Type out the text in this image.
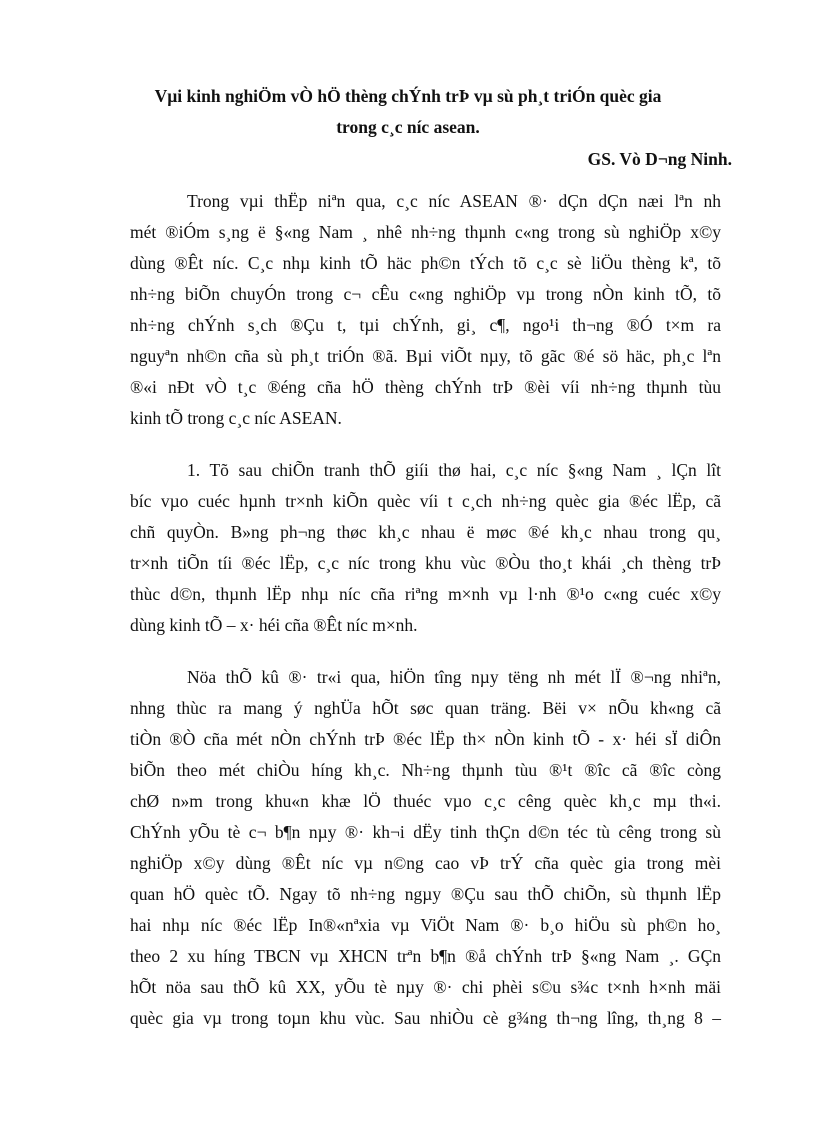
Vµi kinh nghiÖm vÒ hÖ thèng chÝnh trÞ vµ sù ph¸t triÓn quèc gia
trong c¸c níc asean.
GS. Vò D¬ng Ninh.
Trong vµi thËp niªn qua, c¸c níc ASEAN ®· dÇn dÇn næi lªn nh
mét ®iÓm s¸ng ë §«ng Nam ¸ nhê nh÷ng thµnh c«ng trong sù nghiÖp x©y
dùng ®Êt níc. C¸c nhµ kinh tÕ häc ph©n tÝch tõ c¸c sè liÖu thèng kª, tõ
nh÷ng biÕn chuyÓn trong c¬ cÊu c«ng nghiÖp vµ trong nÒn kinh tÕ, tõ
nh÷ng chÝnh s¸ch ®Çu t, tµi chÝnh, gi¸ c¶, ngo¹i th¬ng ®Ó t×m ra
nguyªn nh©n cña sù ph¸t triÓn ®ã. Bµi viÕt nµy, tõ gãc ®é sö häc, ph¸c lªn
®«i nÐt vÒ t¸c ®éng cña hÖ thèng chÝnh trÞ ®èi víi nh÷ng thµnh tùu
kinh tÕ trong c¸c níc ASEAN.
1. Tõ sau chiÕn tranh thÕ giíi thø hai, c¸c níc §«ng Nam ¸ lÇn lît
bíc vµo cuéc hµnh tr×nh kiÕn quèc víi t c¸ch nh÷ng quèc gia ®éc lËp, cã
chñ quyÒn. B»ng ph¬ng thøc kh¸c nhau ë møc ®é kh¸c nhau trong qu¸
tr×nh tiÕn tíi ®éc lËp, c¸c níc trong khu vùc ®Òu tho¸t khái ¸ch thèng trÞ
thùc d©n, thµnh lËp nhµ níc cña riªng m×nh vµ l·nh ®¹o c«ng cuéc x©y
dùng kinh tÕ – x· héi cña ®Êt níc m×nh.
Nöa thÕ kû ®· tr«i qua, hiÖn tîng nµy tëng nh mét lÏ ®¬ng nhiªn,
nhng thùc ra mang ý nghÜa hÕt søc quan träng. Bëi v× nÕu kh«ng cã
tiÒn ®Ò cña mét nÒn chÝnh trÞ ®éc lËp th× nÒn kinh tÕ - x· héi sÏ diÔn
biÕn theo mét chiÒu híng kh¸c. Nh÷ng thµnh tùu ®¹t ®îc cã ®îc còng
chØ n»m trong khu«n khæ lÖ thuéc vµo c¸c cêng quèc kh¸c mµ th«i.
ChÝnh yÕu tè c¬ b¶n nµy ®· kh¬i dËy tinh thÇn d©n téc tù cêng trong sù
nghiÖp x©y dùng ®Êt níc vµ n©ng cao vÞ trÝ cña quèc gia trong mèi
quan hÖ quèc tÕ. Ngay tõ nh÷ng ngµy ®Çu sau thÕ chiÕn, sù thµnh lËp
hai nhµ níc ®éc lËp In®«nªxia vµ ViÖt Nam ®· b¸o hiÖu sù ph©n ho¸
theo 2 xu híng TBCN vµ XHCN trªn b¶n ®å chÝnh trÞ §«ng Nam ¸. GÇn
hÕt nöa sau thÕ kû XX, yÕu tè nµy ®· chi phèi s©u s¾c t×nh h×nh mäi
quèc gia vµ trong toµn khu vùc. Sau nhiÒu cè g¾ng th¬ng lîng, th¸ng 8 –
